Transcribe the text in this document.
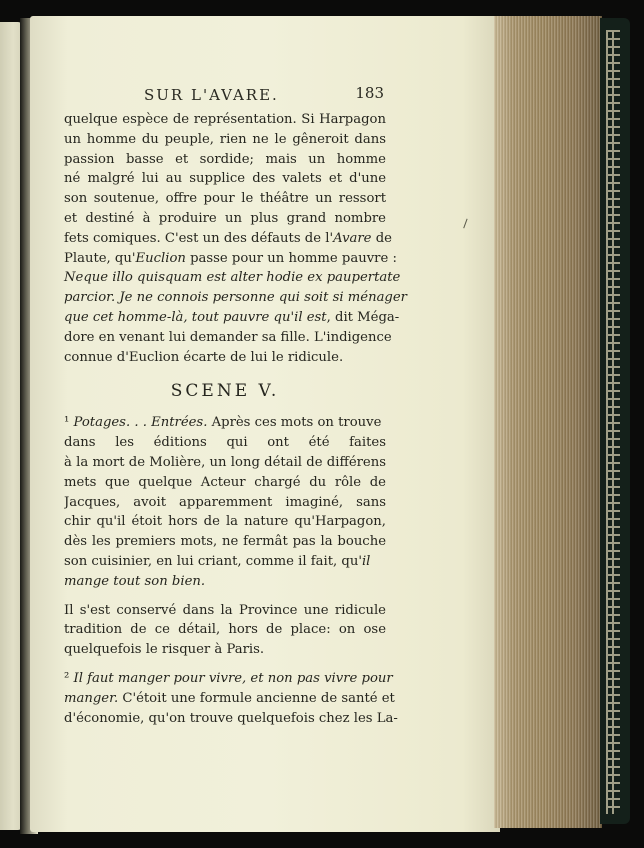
SUR L'AVARE.	183
quelque espèce de représentation. Si Harpagon
un homme du peuple, rien ne le gêneroit dans
passion basse et sordide; mais un homme
né malgré lui au supplice des valets et d'une
son soutenue, offre pour le théâtre un ressort
et destiné à produire un plus grand nombre
fets comiques. C'est un des défauts de l'Avare de
Plaute, qu'Euclion passe pour un homme pauvre :
Neque illo quisquam est alter hodie ex paupertate
parcior. Je ne connois personne qui soit si ménager
que cet homme-là, tout pauvre qu'il est, dit Méga-
dore en venant lui demander sa fille. L'indigence
connue d'Euclion écarte de lui le ridicule.
SCENE V.
¹ Potages. . . Entrées. Après ces mots on trouve
dans les éditions qui ont été faites
à la mort de Molière, un long détail de différens
mets que quelque Acteur chargé du rôle de
Jacques, avoit apparemment imaginé, sans
chir qu'il étoit hors de la nature qu'Harpagon,
dès les premiers mots, ne fermât pas la bouche
son cuisinier, en lui criant, comme il fait, qu'il
mange tout son bien.
Il s'est conservé dans la Province une ridicule
tradition de ce détail, hors de place: on ose
quelquefois le risquer à Paris.
² Il faut manger pour vivre, et non pas vivre pour
manger. C'étoit une formule ancienne de santé et
d'économie, qu'on trouve quelquefois chez les La-
